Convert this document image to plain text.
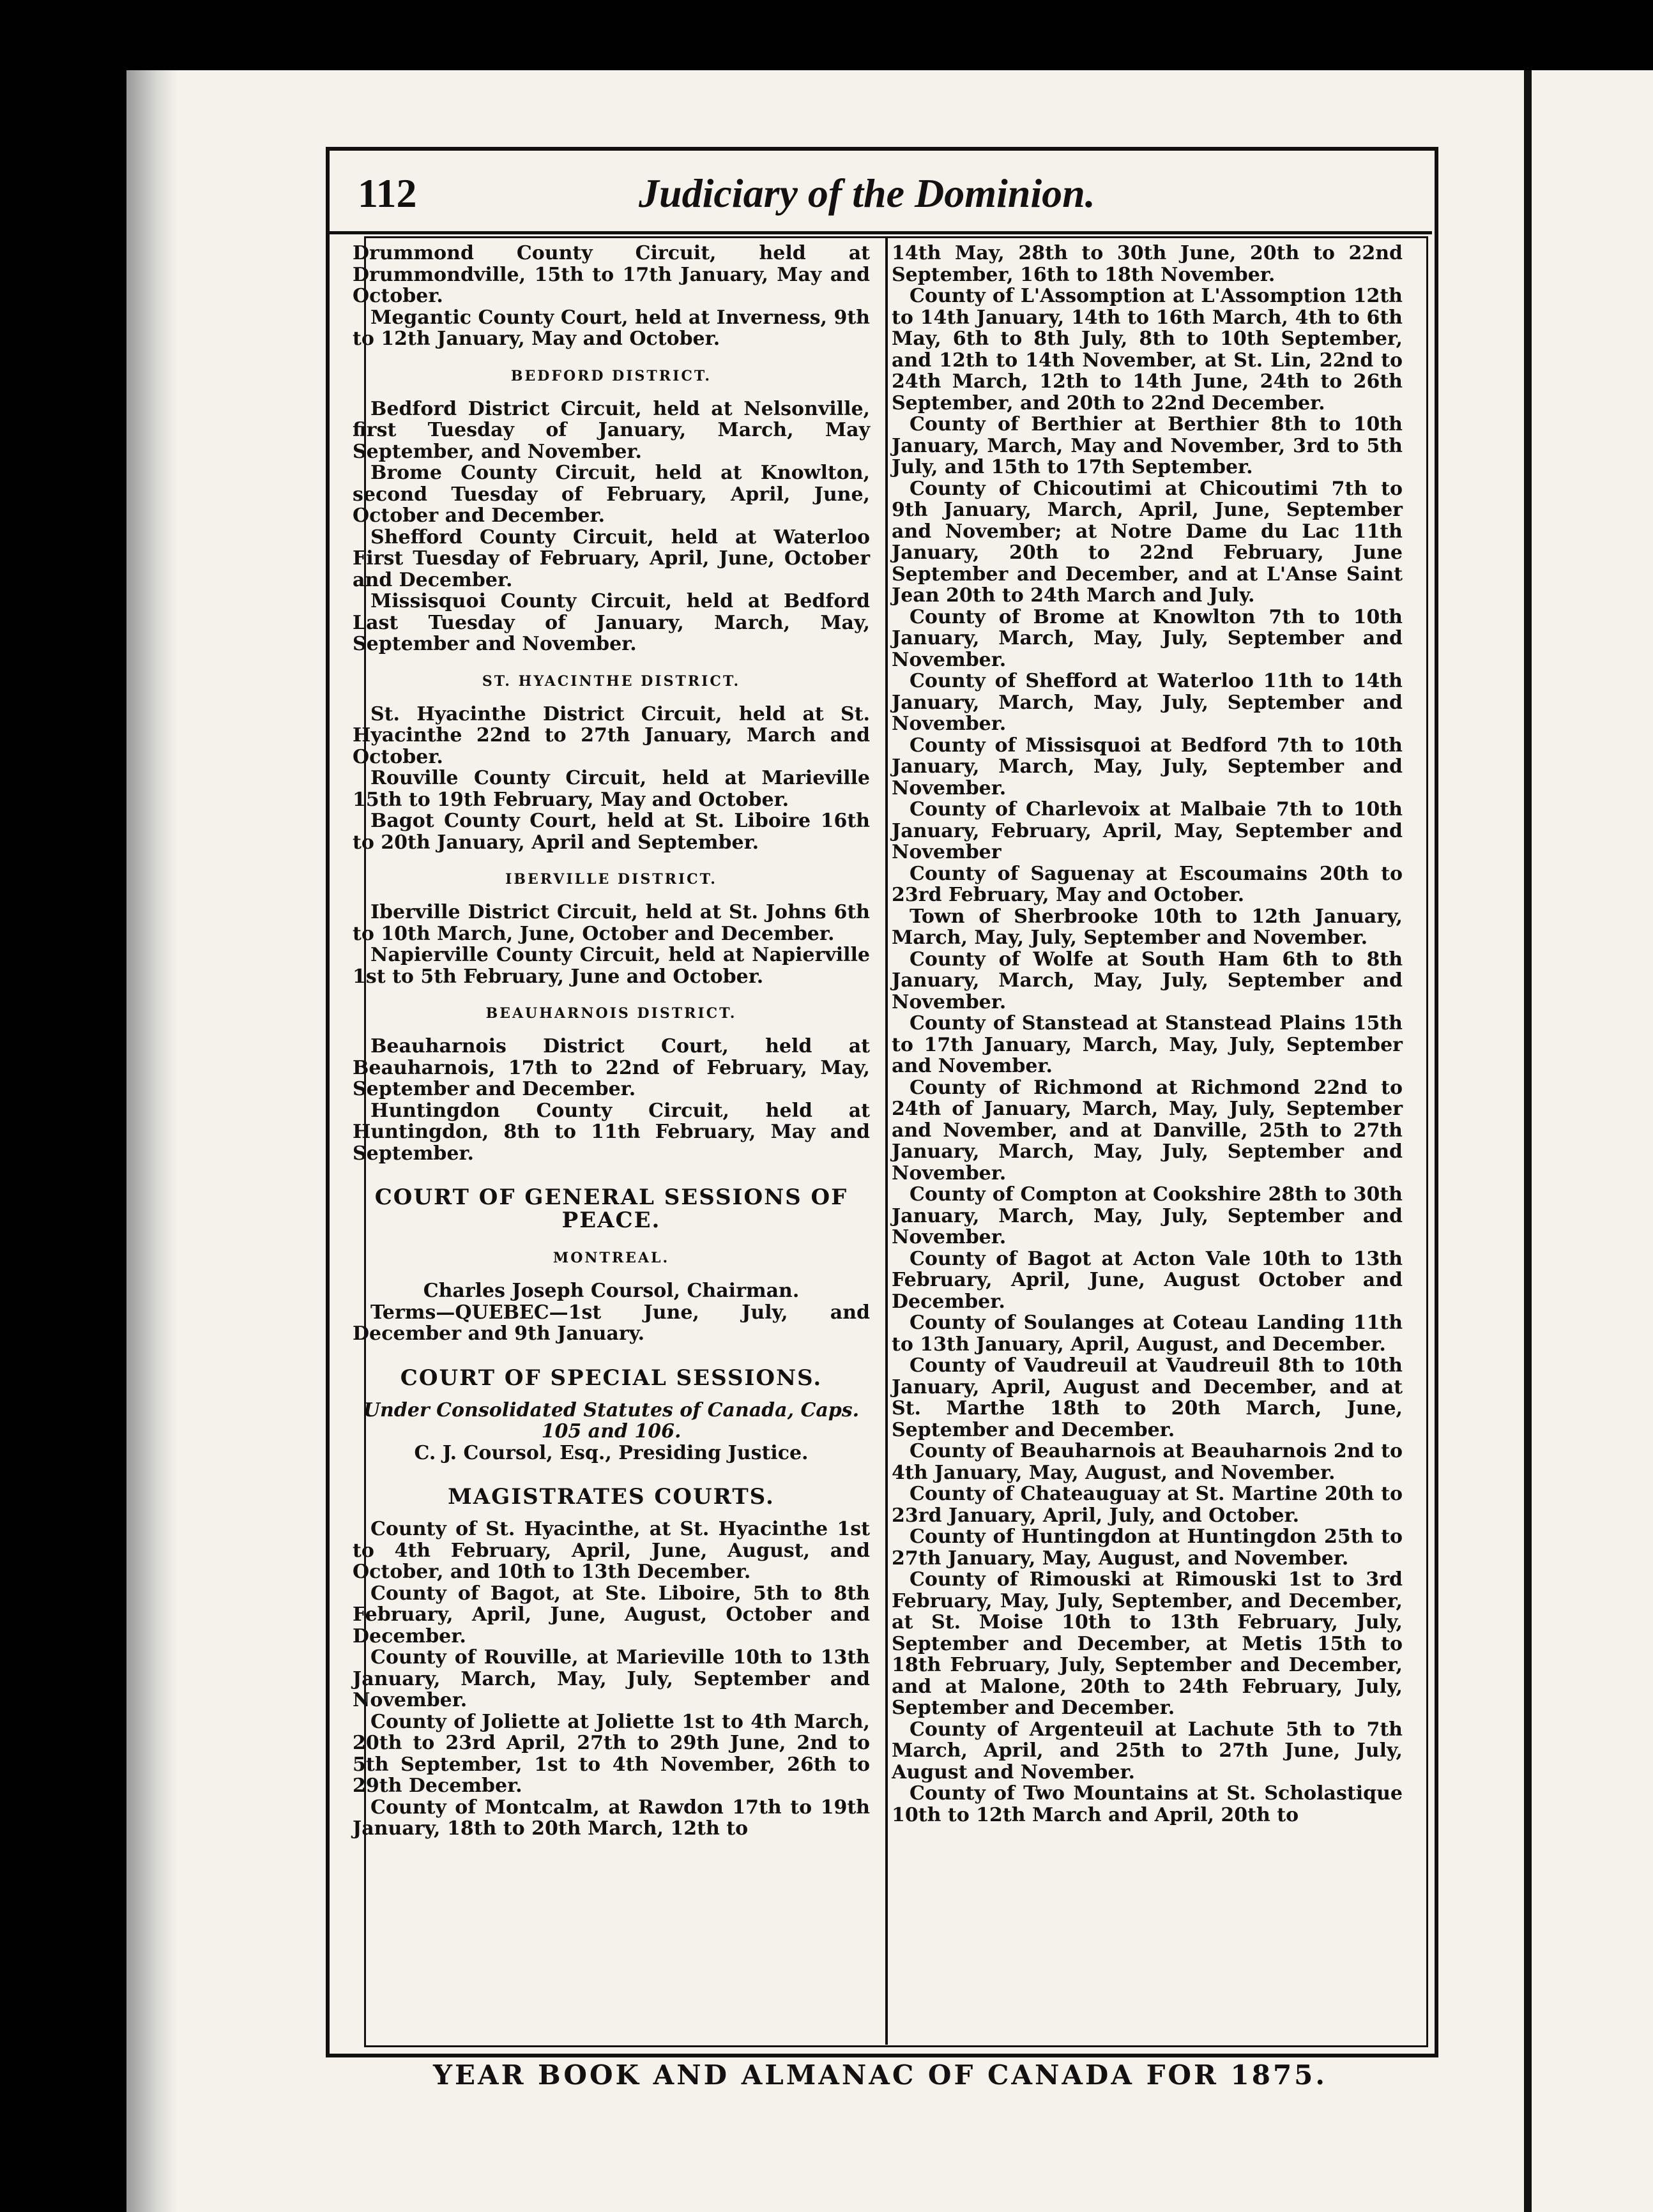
112	Judiciary of the Dominion.

Drummond County Circuit, held at Drummondville, 15th to 17th January, May and October.

Megantic County Court, held at Inverness, 9th to 12th January, May and October.

BEDFORD DISTRICT.

Bedford District Circuit, held at Nelsonville, first Tuesday of January, March, May September, and November.

Brome County Circuit, held at Knowlton, second Tuesday of February, April, June, October and December.

Shefford County Circuit, held at Waterloo First Tuesday of February, April, June, October and December.

Missisquoi County Circuit, held at Bedford Last Tuesday of January, March, May, September and November.

ST. HYACINTHE DISTRICT.

St. Hyacinthe District Circuit, held at St. Hyacinthe 22nd to 27th January, March and October.

Rouville County Circuit, held at Marieville 15th to 19th February, May and October.

Bagot County Court, held at St. Liboire 16th to 20th January, April and September.

IBERVILLE DISTRICT.

Iberville District Circuit, held at St. Johns 6th to 10th March, June, October and December.

Napierville County Circuit, held at Napierville 1st to 5th February, June and October.

BEAUHARNOIS DISTRICT.

Beauharnois District Court, held at Beauharnois, 17th to 22nd of February, May, September and December.

Huntingdon County Circuit, held at Huntingdon, 8th to 11th February, May and September.

COURT OF GENERAL SESSIONS OF PEACE.
MONTREAL.

Charles Joseph Coursol, Chairman.

Terms—QUEBEC—1st June, July, and December and 9th January.

COURT OF SPECIAL SESSIONS.

Under Consolidated Statutes of Canada, Caps. 105 and 106.

C. J. Coursol, Esq., Presiding Justice.

MAGISTRATES COURTS.

County of St. Hyacinthe, at St. Hyacinthe 1st to 4th February, April, June, August, and October, and 10th to 13th December.

County of Bagot, at Ste. Liboire, 5th to 8th February, April, June, August, October and December.

County of Rouville, at Marieville 10th to 13th January, March, May, July, September and November.

County of Joliette at Joliette 1st to 4th March, 20th to 23rd April, 27th to 29th June, 2nd to 5th September, 1st to 4th November, 26th to 29th December.

County of Montcalm, at Rawdon 17th to 19th January, 18th to 20th March, 12th to

14th May, 28th to 30th June, 20th to 22nd September, 16th to 18th November.

County of L'Assomption at L'Assomption 12th to 14th January, 14th to 16th March, 4th to 6th May, 6th to 8th July, 8th to 10th September, and 12th to 14th November, at St. Lin, 22nd to 24th March, 12th to 14th June, 24th to 26th September, and 20th to 22nd December.

County of Berthier at Berthier 8th to 10th January, March, May and November, 3rd to 5th July, and 15th to 17th September.

County of Chicoutimi at Chicoutimi 7th to 9th January, March, April, June, September and November; at Notre Dame du Lac 11th January, 20th to 22nd February, June September and December, and at L'Anse Saint Jean 20th to 24th March and July.

County of Brome at Knowlton 7th to 10th January, March, May, July, September and November.

County of Shefford at Waterloo 11th to 14th January, March, May, July, September and November.

County of Missisquoi at Bedford 7th to 10th January, March, May, July, September and November.

County of Charlevoix at Malbaie 7th to 10th January, February, April, May, September and November

County of Saguenay at Escoumains 20th to 23rd February, May and October.

Town of Sherbrooke 10th to 12th January, March, May, July, September and November.

County of Wolfe at South Ham 6th to 8th January, March, May, July, September and November.

County of Stanstead at Stanstead Plains 15th to 17th January, March, May, July, September and November.

County of Richmond at Richmond 22nd to 24th of January, March, May, July, September and November, and at Danville, 25th to 27th January, March, May, July, September and November.

County of Compton at Cookshire 28th to 30th January, March, May, July, September and November.

County of Bagot at Acton Vale 10th to 13th February, April, June, August October and December.

County of Soulanges at Coteau Landing 11th to 13th January, April, August, and December.

County of Vaudreuil at Vaudreuil 8th to 10th January, April, August and December, and at St. Marthe 18th to 20th March, June, September and December.

County of Beauharnois at Beauharnois 2nd to 4th January, May, August, and November.

County of Chateauguay at St. Martine 20th to 23rd January, April, July, and October.

County of Huntingdon at Huntingdon 25th to 27th January, May, August, and November.

County of Rimouski at Rimouski 1st to 3rd February, May, July, September, and December, at St. Moise 10th to 13th February, July, September and December, at Metis 15th to 18th February, July, September and December, and at Malone, 20th to 24th February, July, September and December.

County of Argenteuil at Lachute 5th to 7th March, April, and 25th to 27th June, July, August and November.

County of Two Mountains at St. Scholastique 10th to 12th March and April, 20th to

YEAR BOOK AND ALMANAC OF CANADA FOR 1875.
